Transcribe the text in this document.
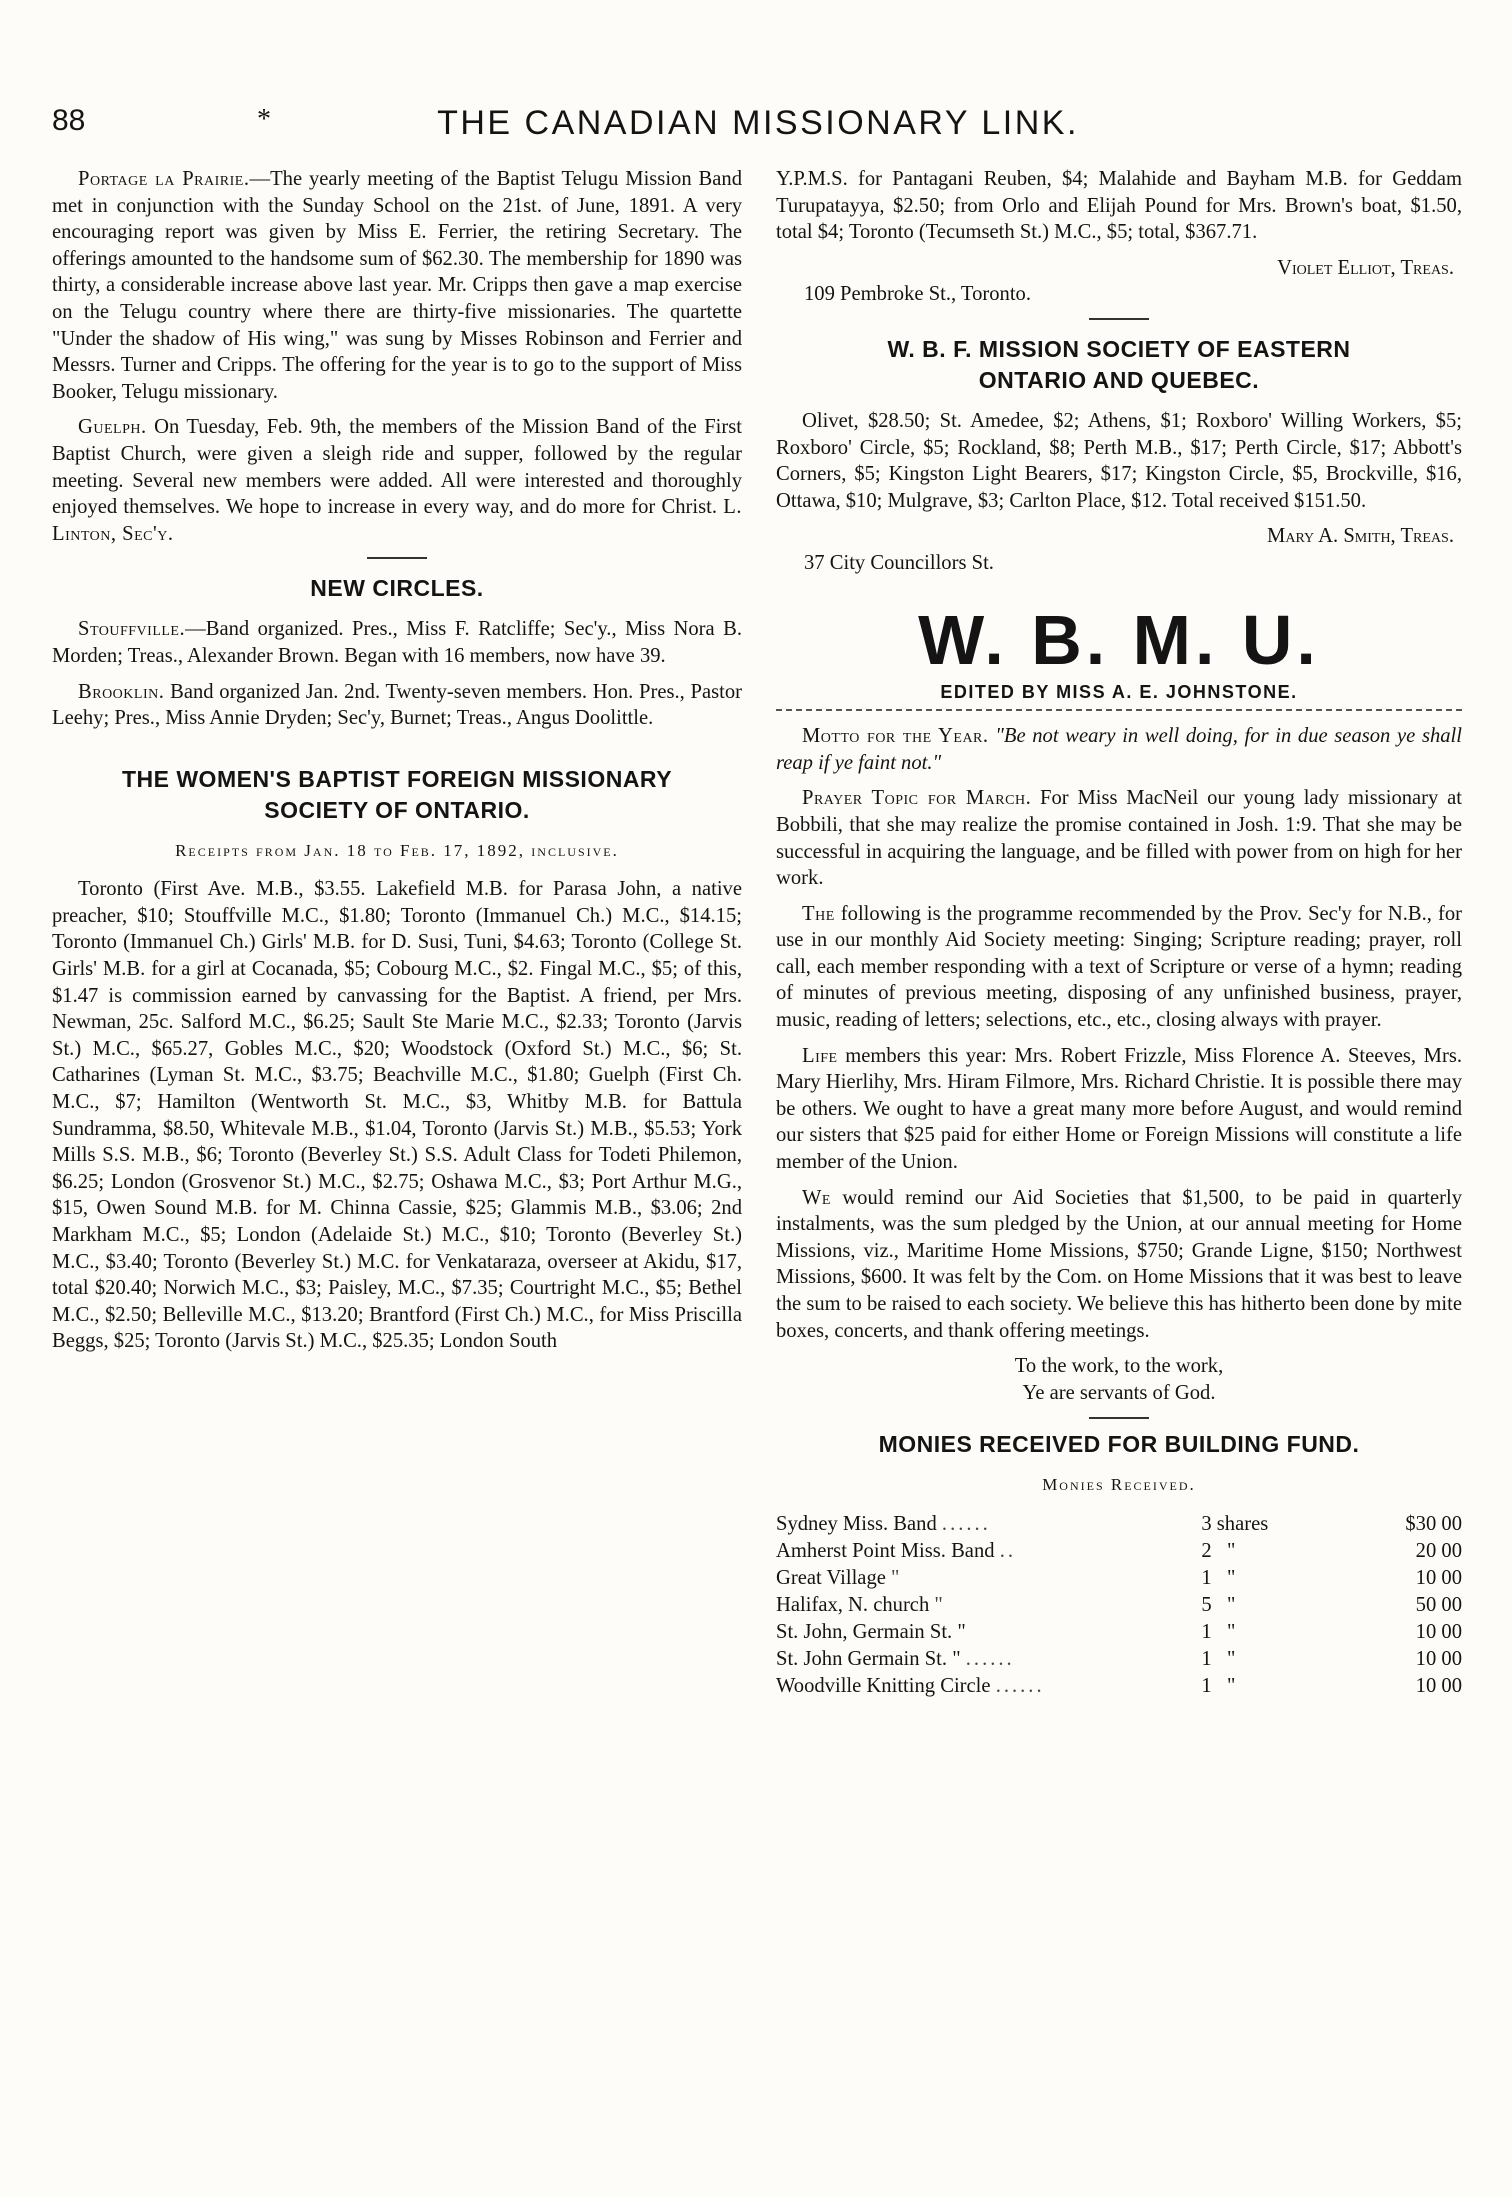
88	*	THE CANADIAN MISSIONARY LINK.

Portage la Prairie.—The yearly meeting of the Baptist Telugu Mission Band met in conjunction with the Sunday School on the 21st. of June, 1891. A very encouraging report was given by Miss E. Ferrier, the retiring Secretary. The offerings amounted to the handsome sum of $62.30. The membership for 1890 was thirty, a considerable increase above last year. Mr. Cripps then gave a map exercise on the Telugu country where there are thirty-five missionaries. The quartette "Under the shadow of His wing," was sung by Misses Robinson and Ferrier and Messrs. Turner and Cripps. The offering for the year is to go to the support of Miss Booker, Telugu missionary.

Guelph. On Tuesday, Feb. 9th, the members of the Mission Band of the First Baptist Church, were given a sleigh ride and supper, followed by the regular meeting. Several new members were added. All were interested and thoroughly enjoyed themselves. We hope to increase in every way, and do more for Christ. L. Linton, Sec'y.

NEW CIRCLES.

Stouffville.—Band organized. Pres., Miss F. Ratcliffe; Sec'y., Miss Nora B. Morden; Treas., Alexander Brown. Began with 16 members, now have 39.

Brooklin. Band organized Jan. 2nd. Twenty-seven members. Hon. Pres., Pastor Leehy; Pres., Miss Annie Dryden; Sec'y, Burnet; Treas., Angus Doolittle.

THE WOMEN'S BAPTIST FOREIGN MISSIONARY
SOCIETY OF ONTARIO.
Receipts from Jan. 18 to Feb. 17, 1892, inclusive.

Toronto (First Ave. M.B., $3.55. Lakefield M.B. for Parasa John, a native preacher, $10; Stouffville M.C., $1.80; Toronto (Immanuel Ch.) M.C., $14.15; Toronto (Immanuel Ch.) Girls' M.B. for D. Susi, Tuni, $4.63; Toronto (College St. Girls' M.B. for a girl at Cocanada, $5; Cobourg M.C., $2. Fingal M.C., $5; of this, $1.47 is commission earned by canvassing for the Baptist. A friend, per Mrs. Newman, 25c. Salford M.C., $6.25; Sault Ste Marie M.C., $2.33; Toronto (Jarvis St.) M.C., $65.27, Gobles M.C., $20; Woodstock (Oxford St.) M.C., $6; St. Catharines (Lyman St. M.C., $3.75; Beachville M.C., $1.80; Guelph (First Ch. M.C., $7; Hamilton (Wentworth St. M.C., $3, Whitby M.B. for Battula Sundramma, $8.50, Whitevale M.B., $1.04, Toronto (Jarvis St.) M.B., $5.53; York Mills S.S. M.B., $6; Toronto (Beverley St.) S.S. Adult Class for Todeti Philemon, $6.25; London (Grosvenor St.) M.C., $2.75; Oshawa M.C., $3; Port Arthur M.G., $15, Owen Sound M.B. for M. Chinna Cassie, $25; Glammis M.B., $3.06; 2nd Markham M.C., $5; London (Adelaide St.) M.C., $10; Toronto (Beverley St.) M.C., $3.40; Toronto (Beverley St.) M.C. for Venkataraza, overseer at Akidu, $17, total $20.40; Norwich M.C., $3; Paisley, M.C., $7.35; Courtright M.C., $5; Bethel M.C., $2.50; Belleville M.C., $13.20; Brantford (First Ch.) M.C., for Miss Priscilla Beggs, $25; Toronto (Jarvis St.) M.C., $25.35; London South

Y.P.M.S. for Pantagani Reuben, $4; Malahide and Bayham M.B. for Geddam Turupatayya, $2.50; from Orlo and Elijah Pound for Mrs. Brown's boat, $1.50, total $4; Toronto (Tecumseth St.) M.C., $5; total, $367.71.

Violet Elliot, Treas.
109 Pembroke St., Toronto.
W. B. F. MISSION SOCIETY OF EASTERN
ONTARIO AND QUEBEC.

Olivet, $28.50; St. Amedee, $2; Athens, $1; Roxboro' Willing Workers, $5; Roxboro' Circle, $5; Rockland, $8; Perth M.B., $17; Perth Circle, $17; Abbott's Corners, $5; Kingston Light Bearers, $17; Kingston Circle, $5, Brockville, $16, Ottawa, $10; Mulgrave, $3; Carlton Place, $12. Total received $151.50.

Mary A. Smith, Treas.
37 City Councillors St.
W. B. M. U.
EDITED BY MISS A. E. JOHNSTONE.

Motto for the Year. "Be not weary in well doing, for in due season ye shall reap if ye faint not."

Prayer Topic for March. For Miss MacNeil our young lady missionary at Bobbili, that she may realize the promise contained in Josh. 1:9. That she may be successful in acquiring the language, and be filled with power from on high for her work.

The following is the programme recommended by the Prov. Sec'y for N.B., for use in our monthly Aid Society meeting: Singing; Scripture reading; prayer, roll call, each member responding with a text of Scripture or verse of a hymn; reading of minutes of previous meeting, disposing of any unfinished business, prayer, music, reading of letters; selections, etc., etc., closing always with prayer.

Life members this year: Mrs. Robert Frizzle, Miss Florence A. Steeves, Mrs. Mary Hierlihy, Mrs. Hiram Filmore, Mrs. Richard Christie. It is possible there may be others. We ought to have a great many more before August, and would remind our sisters that $25 paid for either Home or Foreign Missions will constitute a life member of the Union.

We would remind our Aid Societies that $1,500, to be paid in quarterly instalments, was the sum pledged by the Union, at our annual meeting for Home Missions, viz., Maritime Home Missions, $750; Grande Ligne, $150; Northwest Missions, $600. It was felt by the Com. on Home Missions that it was best to leave the sum to be raised to each society. We believe this has hitherto been done by mite boxes, concerts, and thank offering meetings.

To the work, to the work,
Ye are servants of God.
MONIES RECEIVED FOR BUILDING FUND.
Monies Received.
Sydney Miss. Band ......	3 shares	$30 00
Amherst Point Miss. Band ..	2   "	20 00
Great Village "	1   "	10 00
Halifax, N. church "	5   "	50 00
St. John, Germain St. "	1   "	10 00
St. John Germain St. " ......	1   "	10 00
Woodville Knitting Circle ......	1   "	10 00
